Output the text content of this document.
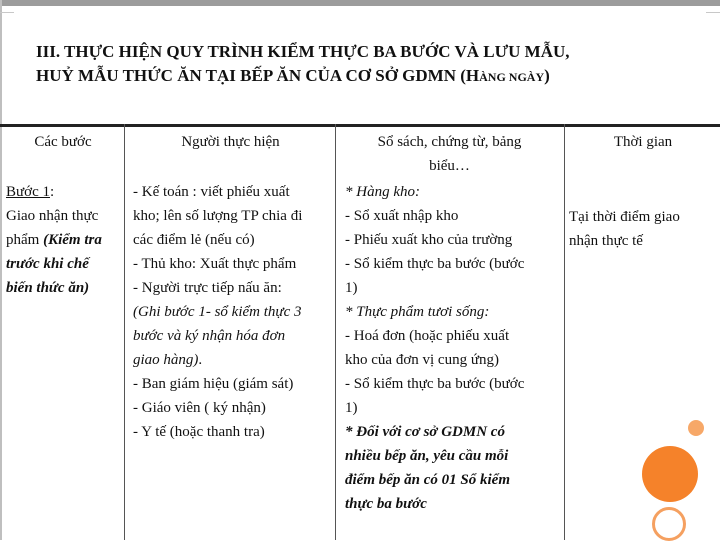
III. THỰC HIỆN QUY TRÌNH KIỂM THỰC BA BƯỚC VÀ LƯU MẪU,
HUỶ MẪU THỨC ĂN TẠI BẾP ĂN CỦA CƠ SỞ GDMN (HÀNG NGÀY)
Các bước	Người thực hiện	Sổ sách, chứng từ, bảng
biểu…
Thời gian
Bước 1:
Giao nhận thực
phẩm (Kiểm tra
trước khi chế
biến thức ăn)
- Kế toán : viết phiếu xuất
kho; lên số lượng TP chia đi
các điểm lẻ (nếu có)
- Thủ kho: Xuất thực phẩm
- Người trực tiếp nấu ăn:
(Ghi bước 1- sổ kiểm thực 3
bước và ký nhận hóa đơn
giao hàng).
- Ban giám hiệu (giám sát)
- Giáo viên ( ký nhận)
- Y tế (hoặc thanh tra)
* Hàng kho:
- Sổ xuất nhập kho
- Phiếu xuất kho của trường
- Sổ kiểm thực ba bước (bước
1)
* Thực phẩm tươi sống:
- Hoá đơn (hoặc phiếu xuất
kho của đơn vị cung ứng)
- Sổ kiểm thực ba bước (bước
1)
* Đối với cơ sở GDMN có
nhiều bếp ăn, yêu cầu mỗi
điểm bếp ăn có 01 Sổ kiểm
thực ba bước
Tại thời điểm giao
nhận thực tế
